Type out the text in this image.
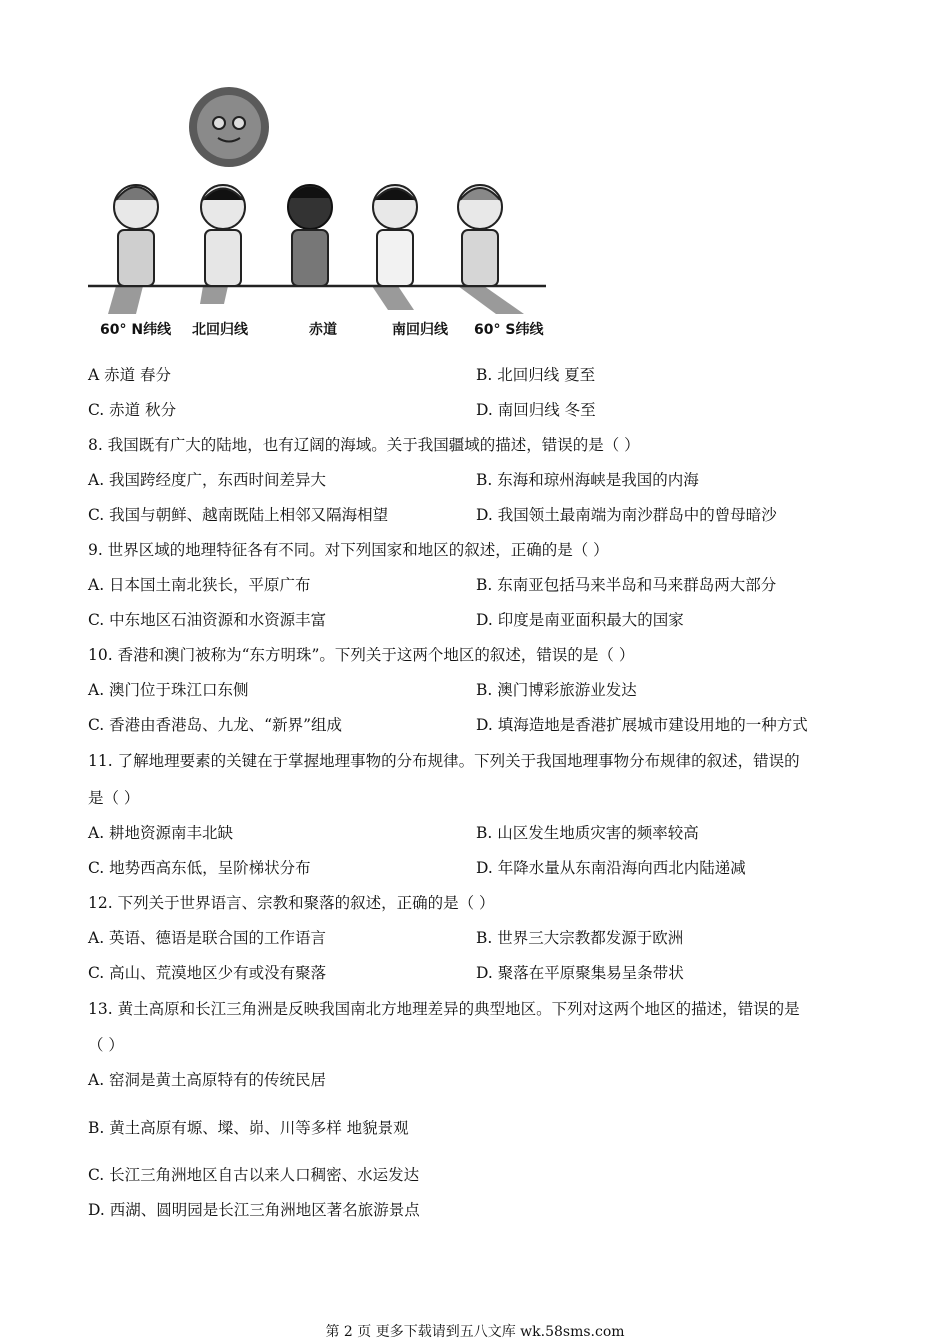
60° N纬线 北回归线	赤道	南回归线 60° S纬线
A 赤道 春分	B. 北回归线 夏至
C. 赤道 秋分	D. 南回归线 冬至
8. 我国既有广大的陆地，也有辽阔的海域。关于我国疆域的描述，错误的是（ ）
A. 我国跨经度广，东西时间差异大	B. 东海和琼州海峡是我国的内海
C. 我国与朝鲜、越南既陆上相邻又隔海相望	D. 我国领土最南端为南沙群岛中的曾母暗沙
9. 世界区域的地理特征各有不同。对下列国家和地区的叙述，正确的是（ ）
A. 日本国土南北狭长，平原广布	B. 东南亚包括马来半岛和马来群岛两大部分
C. 中东地区石油资源和水资源丰富	D. 印度是南亚面积最大的国家
10. 香港和澳门被称为“东方明珠”。下列关于这两个地区的叙述，错误的是（ ）
A. 澳门位于珠江口东侧	B. 澳门博彩旅游业发达
C. 香港由香港岛、九龙、“新界”组成	D. 填海造地是香港扩展城市建设用地的一种方式
11. 了解地理要素的关键在于掌握地理事物的分布规律。下列关于我国地理事物分布规律的叙述，错误的
是（ ）
A. 耕地资源南丰北缺	B. 山区发生地质灾害的频率较高
C. 地势西高东低，呈阶梯状分布	D. 年降水量从东南沿海向西北内陆递减
12. 下列关于世界语言、宗教和聚落的叙述，正确的是（ ）
A. 英语、德语是联合国的工作语言	B. 世界三大宗教都发源于欧洲
C. 高山、荒漠地区少有或没有聚落	D. 聚落在平原聚集易呈条带状
13. 黄土高原和长江三角洲是反映我国南北方地理差异的典型地区。下列对这两个地区的描述，错误的是
（ ）
A. 窑洞是黄土高原特有的传统民居
B. 黄土高原有塬、墚、峁、川等多样 地貌景观
C. 长江三角洲地区自古以来人口稠密、水运发达
D. 西湖、圆明园是长江三角洲地区著名旅游景点
第 2 页 更多下载请到五八文库 wk.58sms.com
